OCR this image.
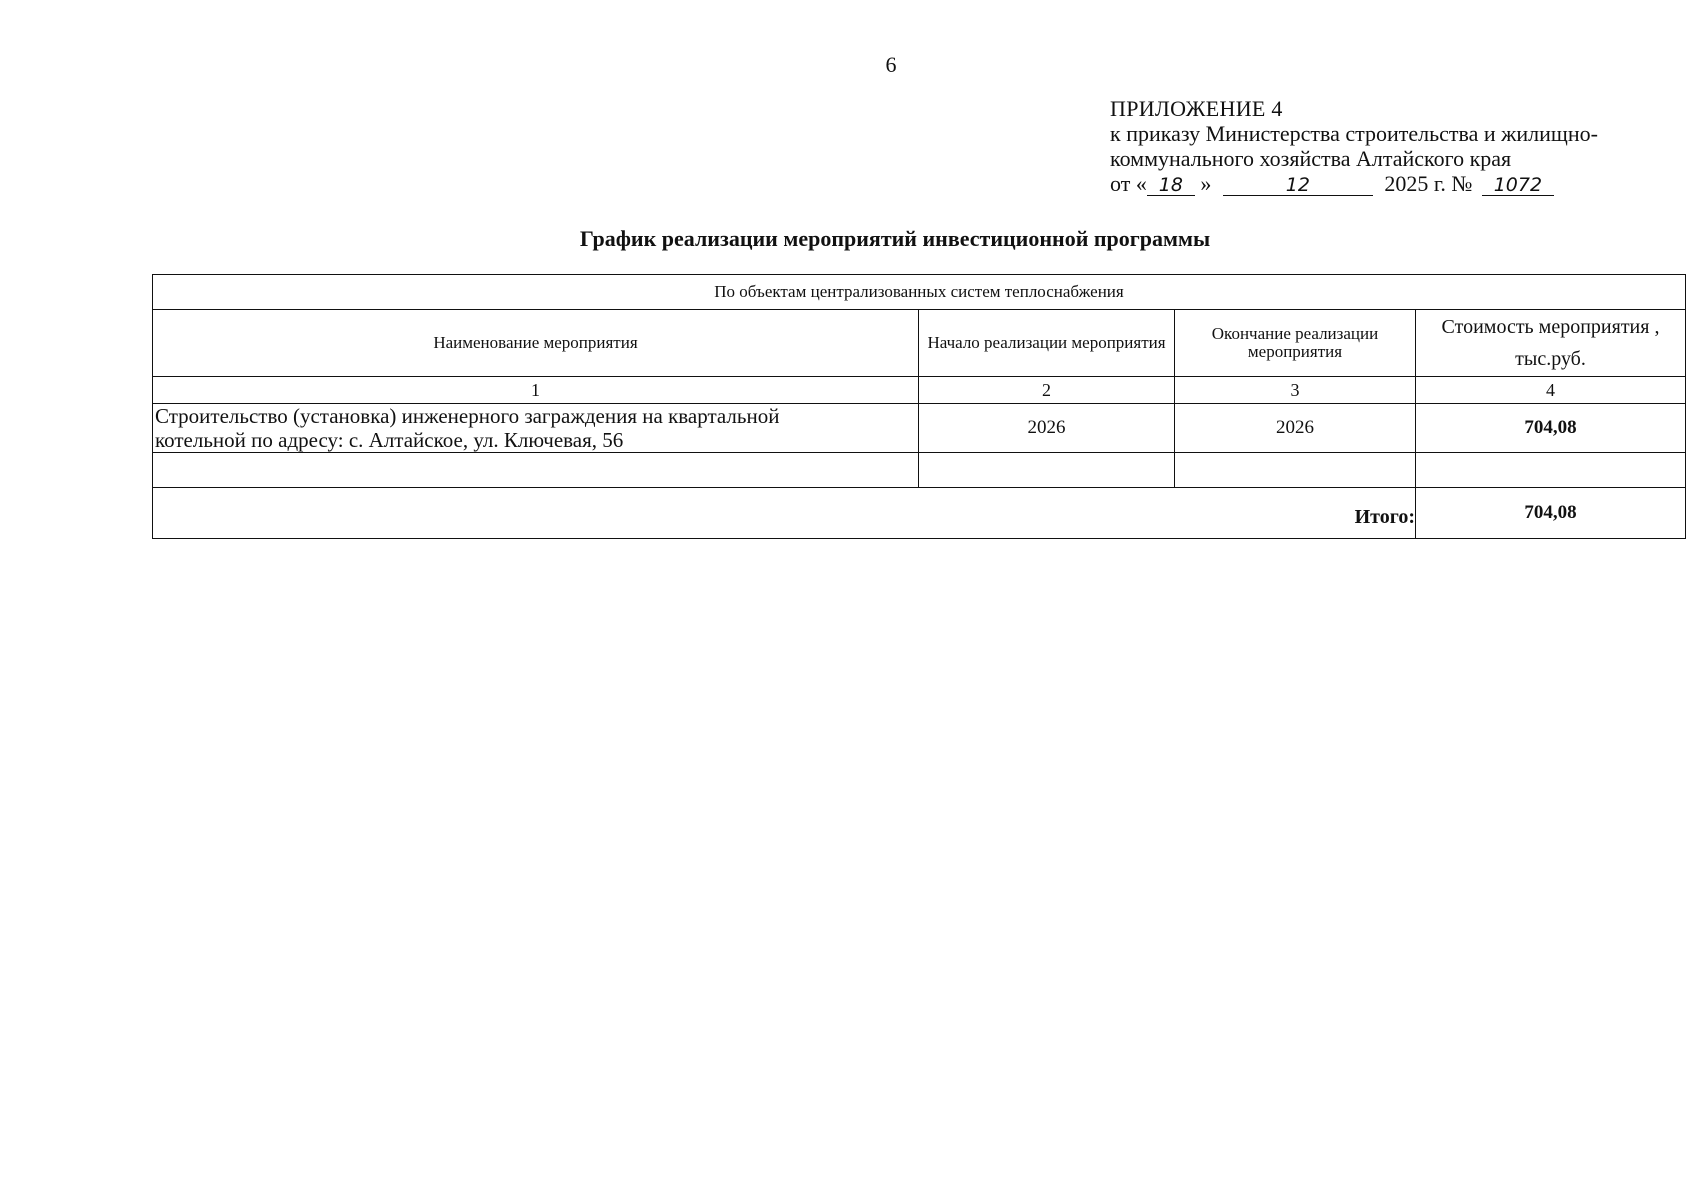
6
ПРИЛОЖЕНИЕ 4
к приказу Министерства строительства и жилищно-
коммунального хозяйства Алтайского края
от « 18 »	12	2025 г. № 1072
График реализации мероприятий инвестиционной программы
По объектам централизованных систем теплоснабжения			
Наименование мероприятия	Начало реализации мероприятия	Окончание реализации мероприятия	Стоимость мероприятия , тыс.руб.
1	2	3	4
Строительство (установка) инженерного заграждения на квартальной
котельной по адресу: с. Алтайское, ул. Ключевая, 56	2026	2026	704,08

Итого:			704,08
